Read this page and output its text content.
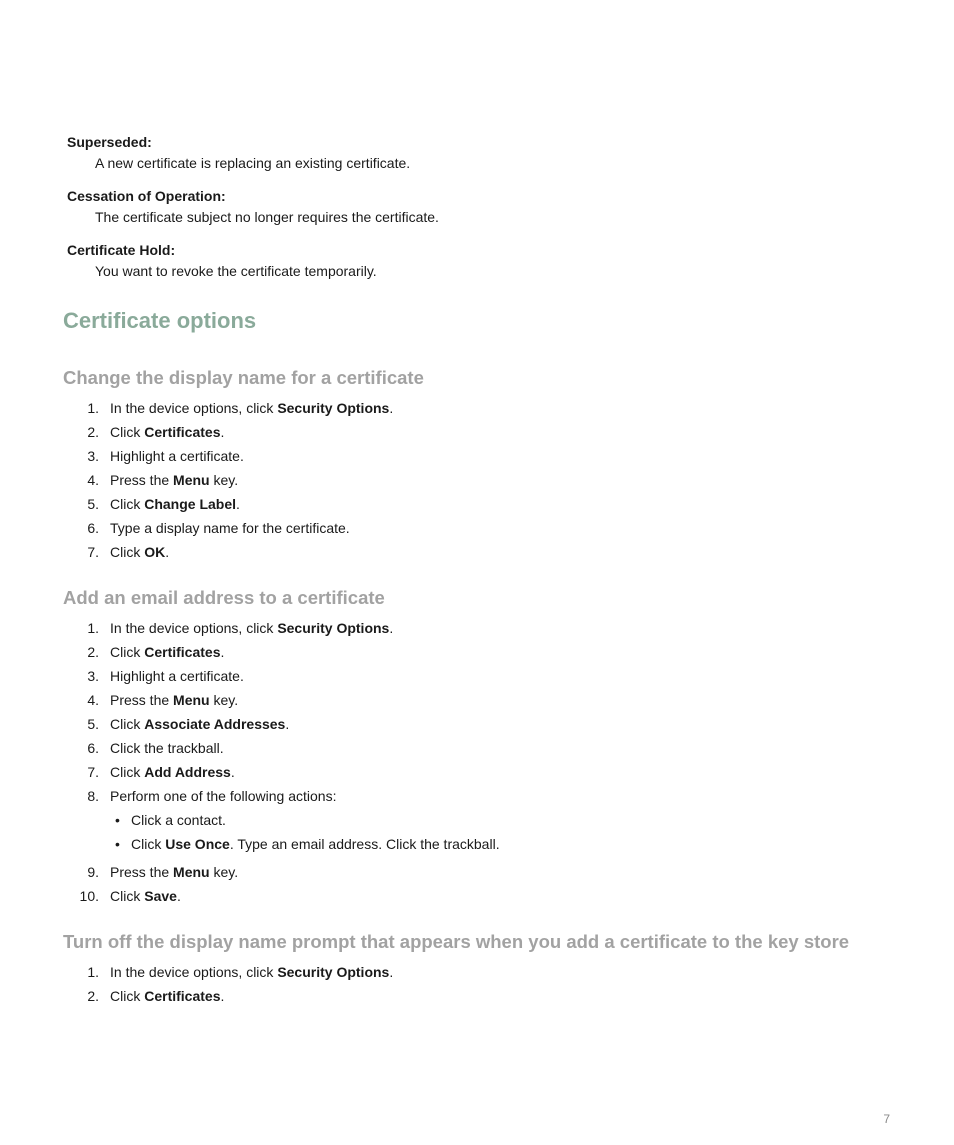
Superseded:
A new certificate is replacing an existing certificate.
Cessation of Operation:
The certificate subject no longer requires the certificate.
Certificate Hold:
You want to revoke the certificate temporarily.
Certificate options
Change the display name for a certificate
1. In the device options, click Security Options.
2. Click Certificates.
3. Highlight a certificate.
4. Press the Menu key.
5. Click Change Label.
6. Type a display name for the certificate.
7. Click OK.
Add an email address to a certificate
1. In the device options, click Security Options.
2. Click Certificates.
3. Highlight a certificate.
4. Press the Menu key.
5. Click Associate Addresses.
6. Click the trackball.
7. Click Add Address.
8. Perform one of the following actions:
• Click a contact.
• Click Use Once. Type an email address. Click the trackball.
9. Press the Menu key.
10. Click Save.
Turn off the display name prompt that appears when you add a certificate to the key store
1. In the device options, click Security Options.
2. Click Certificates.
7
